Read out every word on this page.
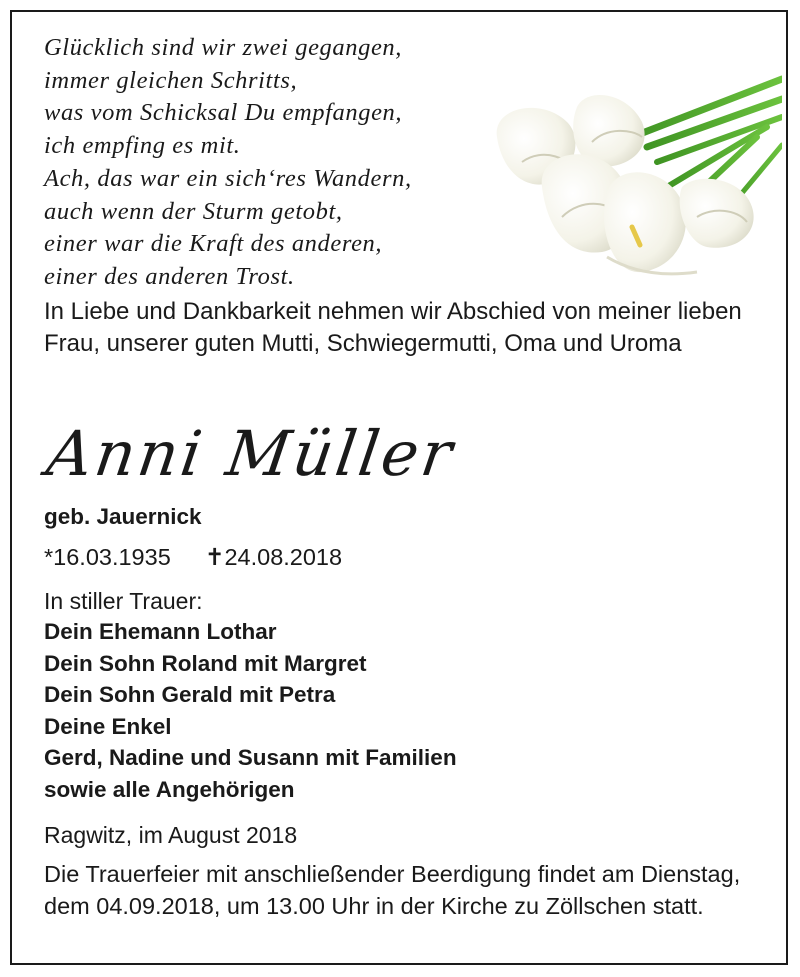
Glücklich sind wir zwei gegangen,
immer gleichen Schritts,
was vom Schicksal Du empfangen,
ich empfing es mit.
Ach, das war ein sich‘res Wandern,
auch wenn der Sturm getobt,
einer war die Kraft des anderen,
einer des anderen Trost.
In Liebe und Dankbarkeit nehmen wir Abschied von meiner lieben Frau, unserer guten Mutti, Schwiegermutti, Oma und Uroma
Anni Müller
geb. Jauernick
*16.03.1935 ✝24.08.2018
In stiller Trauer:
Dein Ehemann Lothar
Dein Sohn Roland mit Margret
Dein Sohn Gerald mit Petra
Deine Enkel
Gerd, Nadine und Susann mit Familien
sowie alle Angehörigen
Ragwitz, im August 2018
Die Trauerfeier mit anschließender Beerdigung findet am Dienstag, dem 04.09.2018, um 13.00 Uhr in der Kirche zu Zöllschen statt.
